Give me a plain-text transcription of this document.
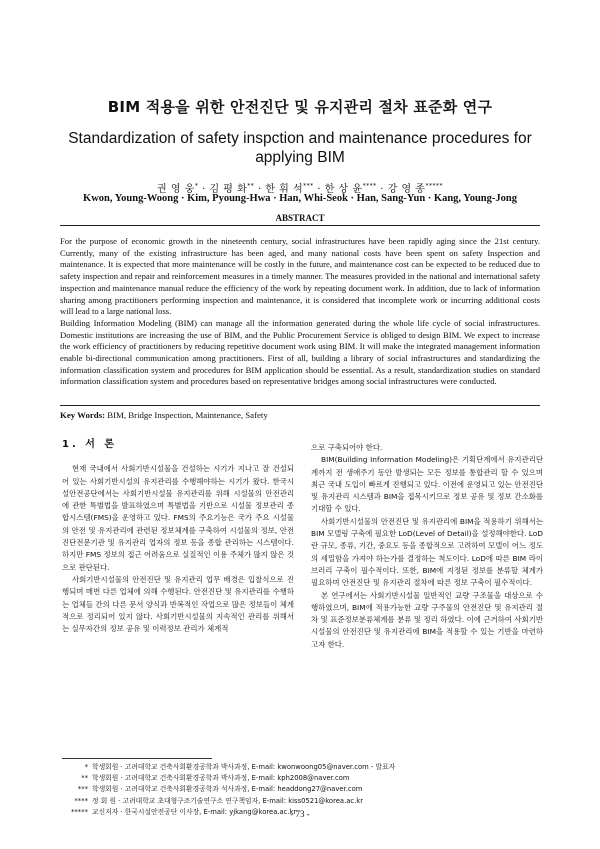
BIM 적용을 위한 안전진단 및 유지관리 절차 표준화 연구
Standardization of safety inspction and maintenance procedures for applying BIM
권 영 웅* · 김 평 화** · 한 휘 석*** · 한 상 윤**** · 강 영 종*****
Kwon, Young-Woong · Kim, Pyoung-Hwa · Han, Whi-Seok · Han, Sang-Yun · Kang, Young-Jong
ABSTRACT

For the purpose of economic growth in the nineteenth century, social infrastructures have been rapidly aging since the 21st century. Currently, many of the existing infrastructure has been aged, and many national costs have been spent on safety Inspection and maintenance. It is expected that more maintenance will be costly in the future, and maintenance cost can be expected to be reduced due to safety inspection and repair and reinforcement measures in a timely manner. The measures provided in the national and international safety inspection and maintenance manual reduce the efficiency of the work by repeating document work. In addition, due to lack of information sharing among practitioners performing inspection and maintenance, it is considered that incomplete work or incurring additional costs will lead to a large national loss.

Building Information Modeling (BIM) can manage all the information generated during the whole life cycle of social infrastructures. Domestic institutions are increasing the use of BIM, and the Public Procurement Service is obliged to design BIM. We expect to increase the work efficiency of practitioners by reducing repetitive document work using BIM. It will make the integrated management information enable bi-directional communication among practitioners. First of all, building a library of social infrastructures and standardizing the information classification system and procedures for BIM application should be essential. As a result, standardization studies on standard information classification system and procedures based on representative bridges among social infrastructures were conducted.

Key Words: BIM, Bridge Inspection, Maintenance, Safety
1. 서 론

현재 국내에서 사회기반시설물을 건설하는 시기가 지나고 잘 건설되어 있는 사회기반시설의 유지관리를 수행해야하는 시기가 왔다. 한국시설안전공단에서는 사회기반시설물 유지관리를 위해 시설물의 안전관리에 관한 특별법을 발표하였으며 특별법을 기반으로 시설물 정보관리 종합시스템(FMS)을 운영하고 있다. FMS의 주요기능은 국가 주요 시설물의 안전 및 유지관리에 관련된 정보체계를 구축하여 시설물의 정보, 안전진단전문기관 및 유지관리 업자의 정보 등을 종합 관리하는 시스템이다. 하지만 FMS 정보의 접근 어려움으로 실질적인 이용 주체가 많지 않은 것으로 판단된다.

사회기반시설물의 안전진단 및 유지관리 업무 배경은 입찰식으로 진행되며 매번 다른 업체에 의해 수행된다. 안전진단 및 유지관리를 수행하는 업체들 간의 다른 문서 양식과 반복적인 작업으로 많은 정보들이 체계적으로 정리되어 있지 않다. 사회기반시설물의 지속적인 관리를 위해서는 실무자간의 정보 공유 및 이력정보 관리가 체계적

으로 구축되어야 한다.

BIM(Building Information Modeling)은 기획단계에서 유지관리단계까지 전 생애주기 동안 발생되는 모든 정보를 통합관리 할 수 있으며 최근 국내 도입이 빠르게 진행되고 있다. 이전에 운영되고 있는 안전진단 및 유지관리 시스템과 BIM을 접목시키므로 정보 공유 및 정보 간소화를 기대할 수 있다.

사회기반시설물의 안전진단 및 유지관리에 BIM을 적용하기 위해서는 BIM 모델링 구축에 필요한 LoD(Level of Detail)을 설정해야한다. LoD란 규모, 종류, 기간, 중요도 등을 종합적으로 고려하여 모델이 어느 정도의 세밀함을 가져야 하는가를 결정하는 척도이다. LoD에 따른 BIM 라이브러리 구축이 필수적이다. 또한, BIM에 지정된 정보를 분류할 체계가 필요하며 안전진단 및 유지관리 절차에 따른 정보 구축이 필수적이다.

본 연구에서는 사회기반시설물 일반적인 교량 구조물을 대상으로 수행하였으며, BIM에 적용가능한 교량 구주물의 안전진단 및 유지관리 절차 및 표준정보분류체계를 분류 및 정리 하였다. 이에 근거하여 사회기반시설물의 안전진단 및 유지관리에 BIM을 적용할 수 있는 기반을 마련하고자 한다.

* 학생회원 · 고려대학교 건축사회환경공학과 박사과정, E-mail: kwonwoong05@naver.com - 발표자
** 학생회원 · 고려대학교 건축사회환경공학과 박사과정, E-mail: kph2008@naver.com
*** 학생회원 · 고려대학교 건축사회환경공학과 석사과정, E-mail: headdong27@naver.com
**** 정 회 원 · 고려대학교 초대형구조기술연구소 연구책임자, E-mail: kiss0521@korea.ac.kr
***** 교신저자 · 한국시설안전공단 이사장, E-mail: yjkang@korea.ac.kr
- 73 -
